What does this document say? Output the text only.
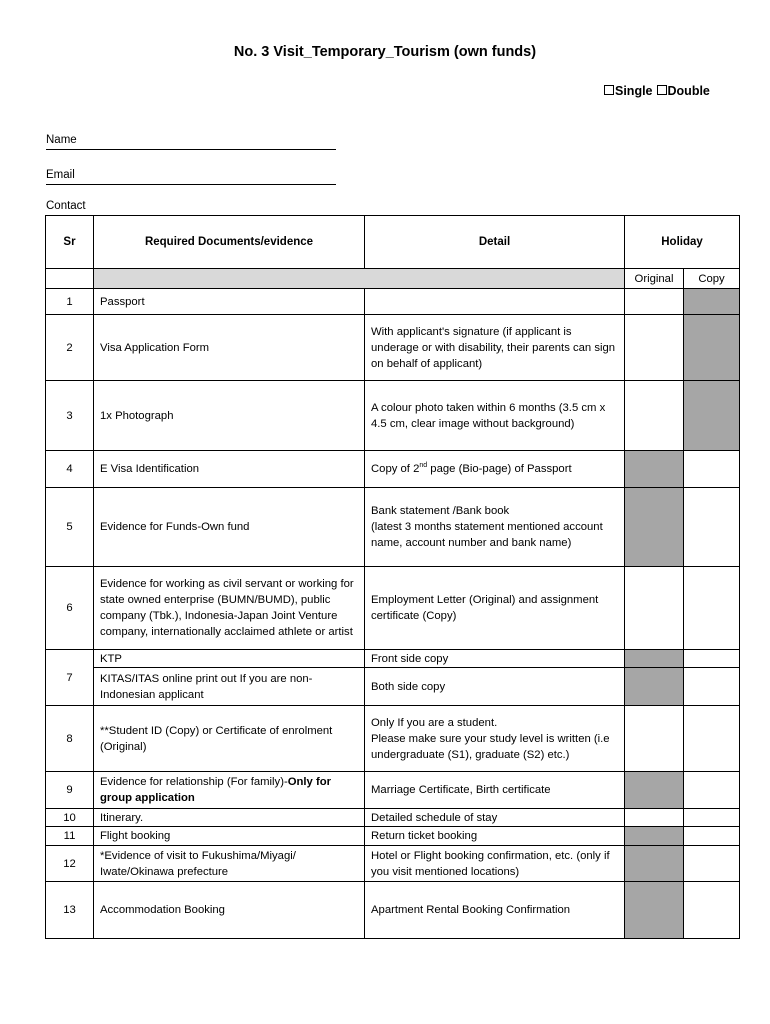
No. 3 Visit_Temporary_Tourism (own funds)
Single Double
Name
Email
Contact
Sr	Required Documents/evidence	Detail	Holiday	
			Original	Copy
1	Passport			
2	Visa Application Form	With applicant's signature (if applicant is underage or with disability, their parents can sign on behalf of applicant)		
3	1x Photograph	A colour photo taken within 6 months (3.5 cm x 4.5 cm, clear image without background)		
4	E Visa Identification	Copy of 2nd page (Bio-page) of Passport		
5	Evidence for Funds-Own fund	Bank statement /Bank book
(latest 3 months statement mentioned account name, account number and bank name)		
6	Evidence for working as civil servant or working for state owned enterprise (BUMN/BUMD), public company (Tbk.), Indonesia-Japan Joint Venture company, internationally acclaimed athlete or artist	Employment Letter (Original) and assignment certificate (Copy)		
7	KTP	Front side copy		
	KITAS/ITAS online print out If you are non-Indonesian applicant	Both side copy		
8	**Student ID (Copy) or Certificate of enrolment (Original)	Only If you are a student.
Please make sure your study level is written (i.e undergraduate (S1), graduate (S2) etc.)		
9	Evidence for relationship (For family)-Only for group application	Marriage Certificate, Birth certificate		
10	Itinerary.	Detailed schedule of stay		
11	Flight booking	Return ticket booking		
12	*Evidence of visit to Fukushima/Miyagi/ Iwate/Okinawa prefecture	Hotel or Flight booking confirmation, etc. (only if you visit mentioned locations)		
13	Accommodation Booking	Apartment Rental Booking Confirmation		
